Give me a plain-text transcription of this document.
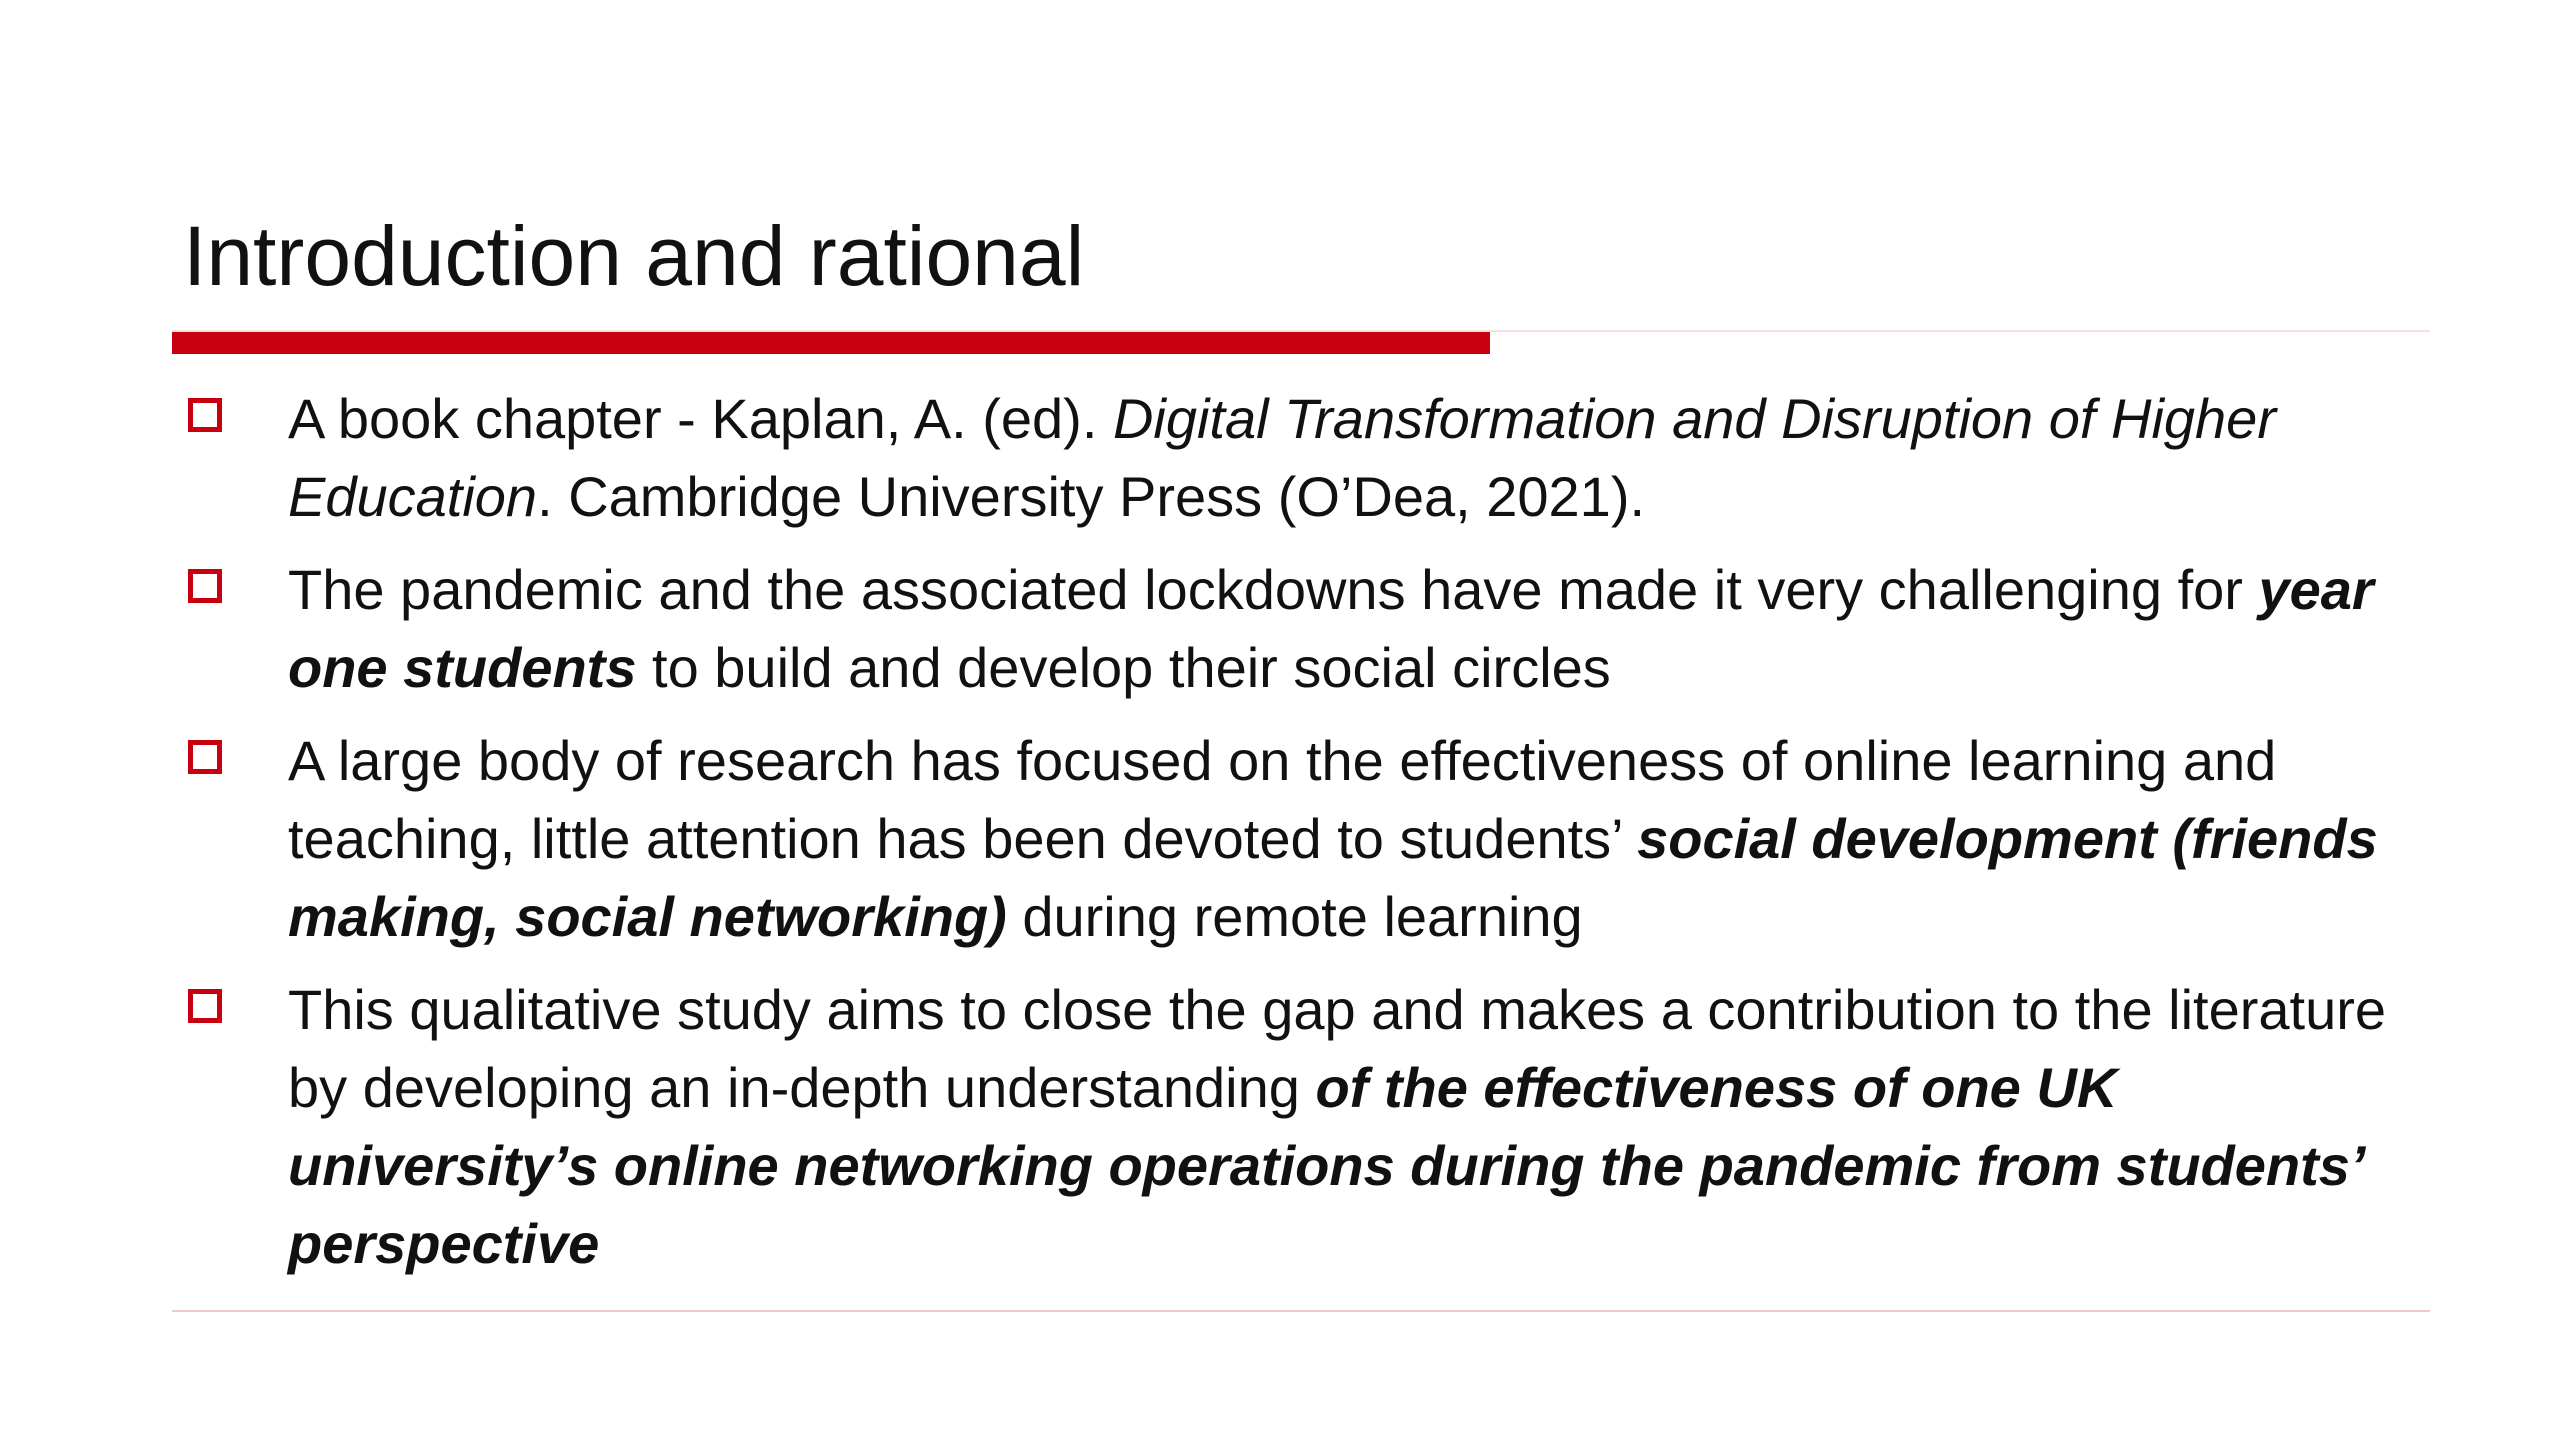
Introduction and rational
A book chapter - Kaplan, A. (ed). Digital Transformation and Disruption of Higher Education. Cambridge University Press (O’Dea, 2021).
The pandemic and the associated lockdowns have made it very challenging for year one students to build and develop their social circles
A large body of research has focused on the effectiveness of online learning and teaching, little attention has been devoted to students’ social development (friends making, social networking) during remote learning
This qualitative study aims to close the gap and makes a contribution to the literature by developing an in-depth understanding of the effectiveness of one UK university’s online networking operations during the pandemic from students’ perspective
